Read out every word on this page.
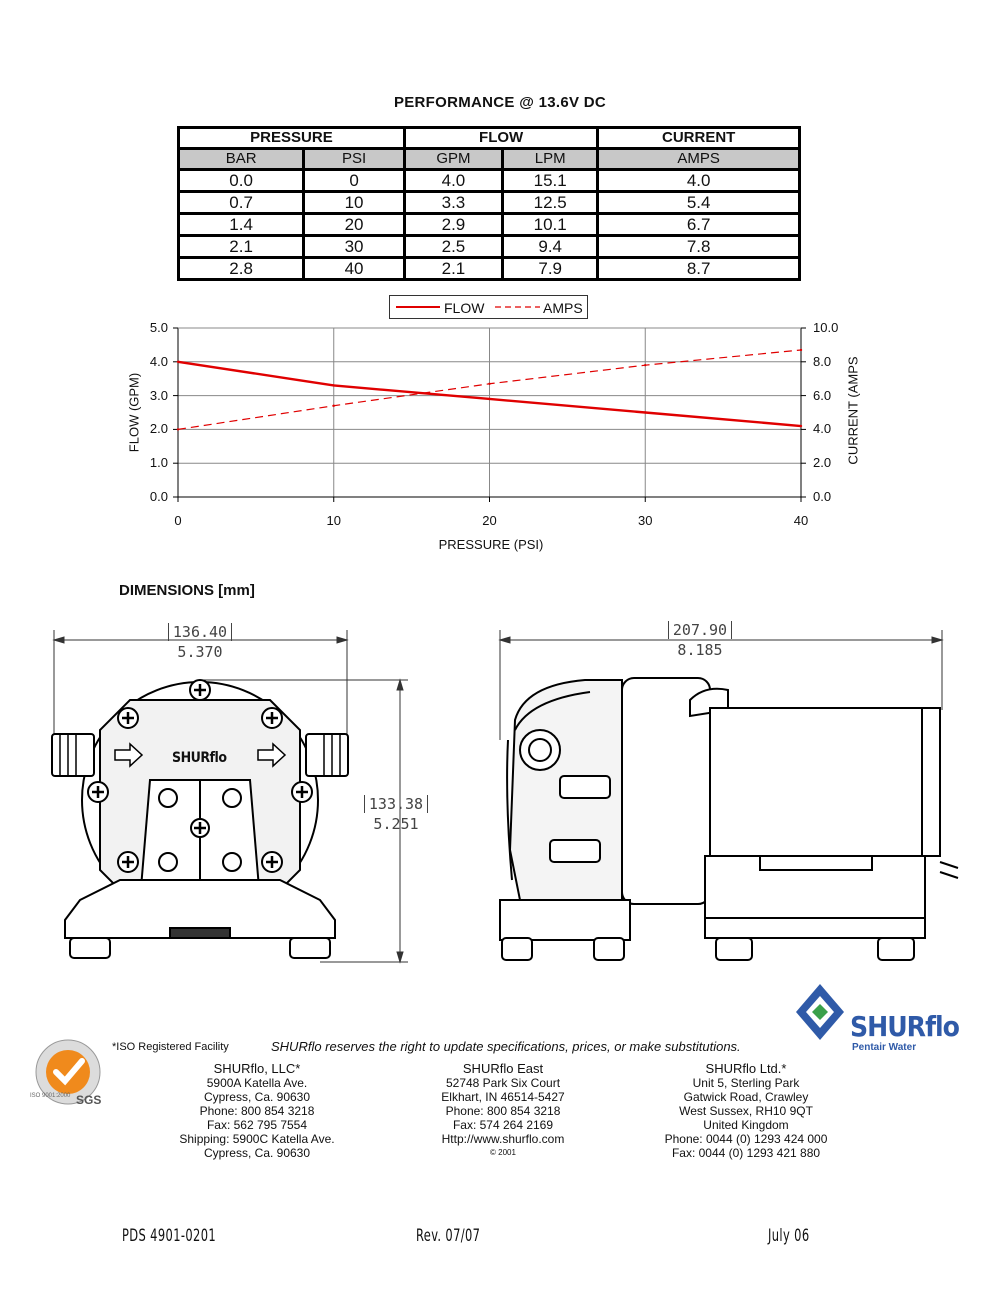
PERFORMANCE @ 13.6V DC
PRESSURE		FLOW		CURRENT
BAR	PSI	GPM	LPM	AMPS
0.0	0	4.0	15.1	4.0
0.7	10	3.3	12.5	5.4
1.4	20	2.9	10.1	6.7
2.1	30	2.5	9.4	7.8
2.8	40	2.1	7.9	8.7
FLOW	AMPS
0.0
1.0
2.0
3.0
4.0
5.0
0.0
2.0
4.0
6.0
8.0
10.0
0	10	20	30	40
PRESSURE (PSI)
FLOW (GPM)	CURRENT (AMPS
DIMENSIONS [mm]
SHURflo
136.40
5.370
133.38
5.251
207.90
8.185
SHURflo
Pentair Water
SGS
ISO 9001:2000
*ISO Registered Facility	SHURflo reserves the right to update specifications, prices, or make substitutions.
SHURflo, LLC*
5900A Katella Ave.
Cypress, Ca. 90630
Phone: 800 854 3218
Fax: 562 795 7554
Shipping: 5900C Katella Ave.
Cypress, Ca. 90630
SHURflo East
52748 Park Six Court
Elkhart, IN 46514-5427
Phone: 800 854 3218
Fax: 574 264 2169
Http://www.shurflo.com
© 2001
SHURflo Ltd.*
Unit 5, Sterling Park
Gatwick Road, Crawley
West Sussex, RH10 9QT
United Kingdom
Phone: 0044 (0) 1293 424 000
Fax: 0044 (0) 1293 421 880
PDS 4901-0201	Rev. 07/07	July 06
